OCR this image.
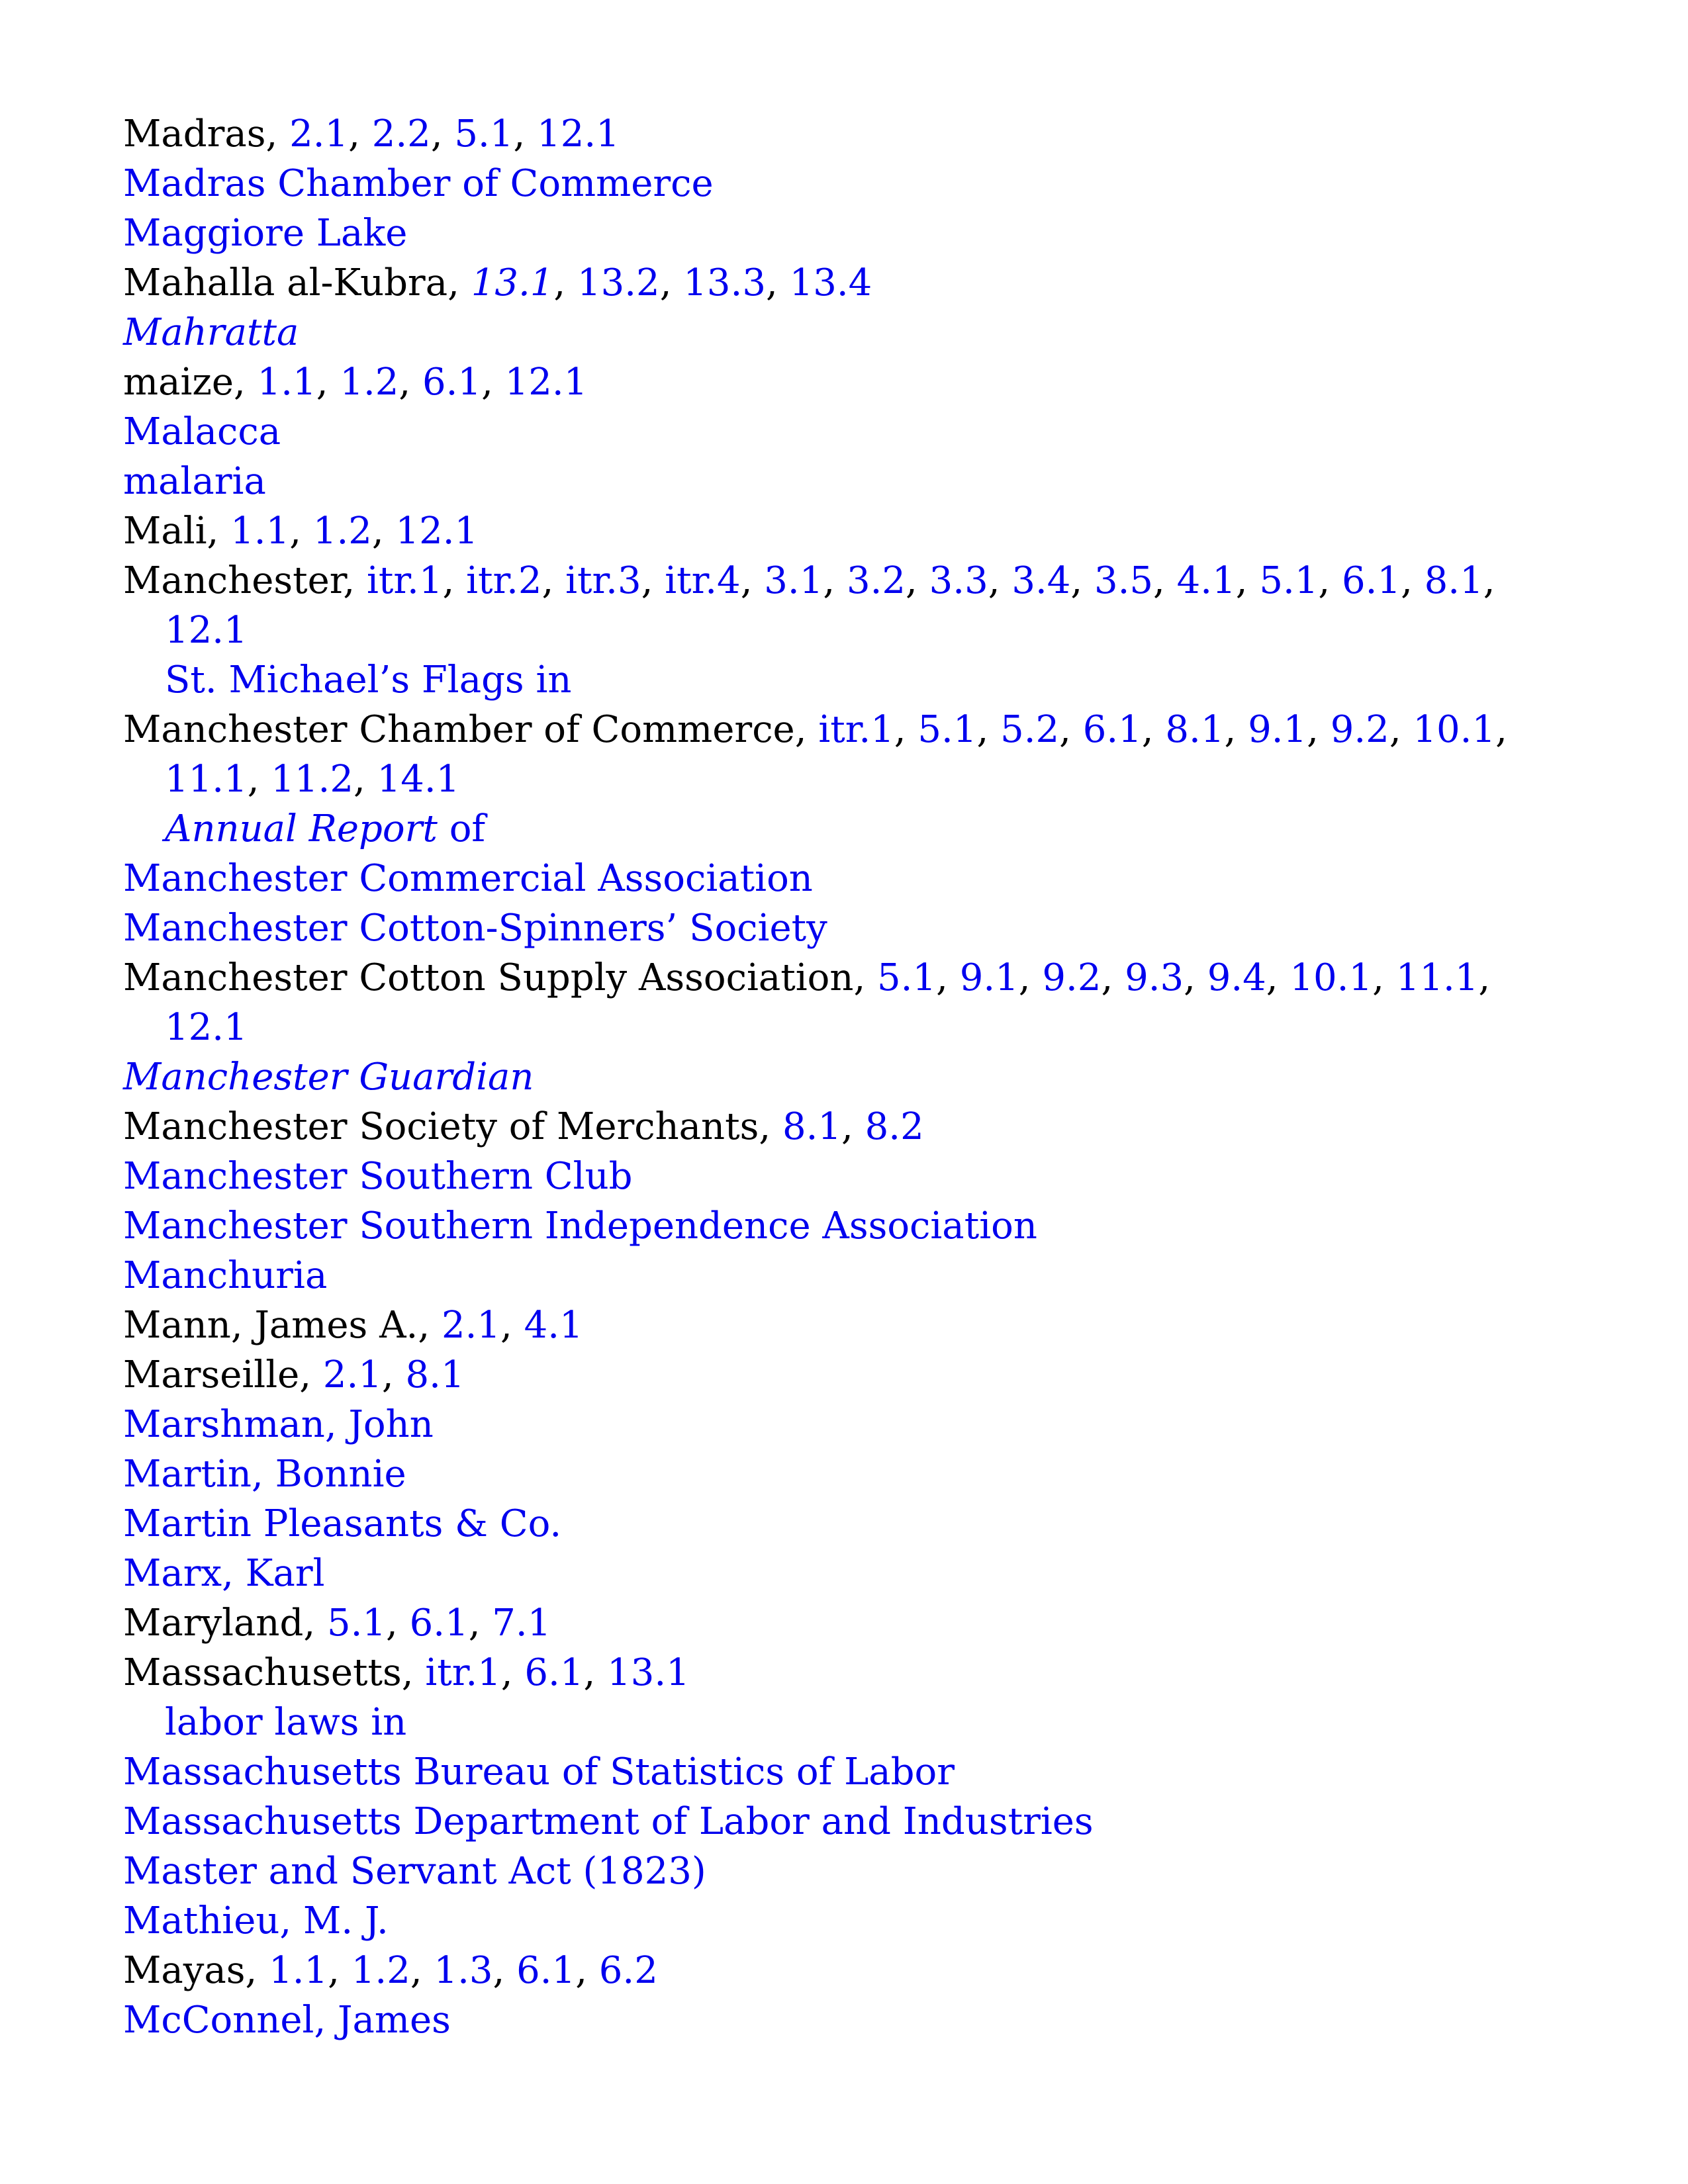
Madras, 2.1, 2.2, 5.1, 12.1

Madras Chamber of Commerce

Maggiore Lake

Mahalla al-Kubra, 13.1, 13.2, 13.3, 13.4

Mahratta

maize, 1.1, 1.2, 6.1, 12.1

Malacca

malaria

Mali, 1.1, 1.2, 12.1

Manchester, itr.1, itr.2, itr.3, itr.4, 3.1, 3.2, 3.3, 3.4, 3.5, 4.1, 5.1, 6.1, 8.1, 12.1

St. Michael’s Flags in

Manchester Chamber of Commerce, itr.1, 5.1, 5.2, 6.1, 8.1, 9.1, 9.2, 10.1, 11.1, 11.2, 14.1

Annual Report of

Manchester Commercial Association

Manchester Cotton-Spinners’ Society

Manchester Cotton Supply Association, 5.1, 9.1, 9.2, 9.3, 9.4, 10.1, 11.1, 12.1

Manchester Guardian

Manchester Society of Merchants, 8.1, 8.2

Manchester Southern Club

Manchester Southern Independence Association

Manchuria

Mann, James A., 2.1, 4.1

Marseille, 2.1, 8.1

Marshman, John

Martin, Bonnie

Martin Pleasants & Co.

Marx, Karl

Maryland, 5.1, 6.1, 7.1

Massachusetts, itr.1, 6.1, 13.1

labor laws in

Massachusetts Bureau of Statistics of Labor

Massachusetts Department of Labor and Industries

Master and Servant Act (1823)

Mathieu, M. J.

Mayas, 1.1, 1.2, 1.3, 6.1, 6.2

McConnel, James
